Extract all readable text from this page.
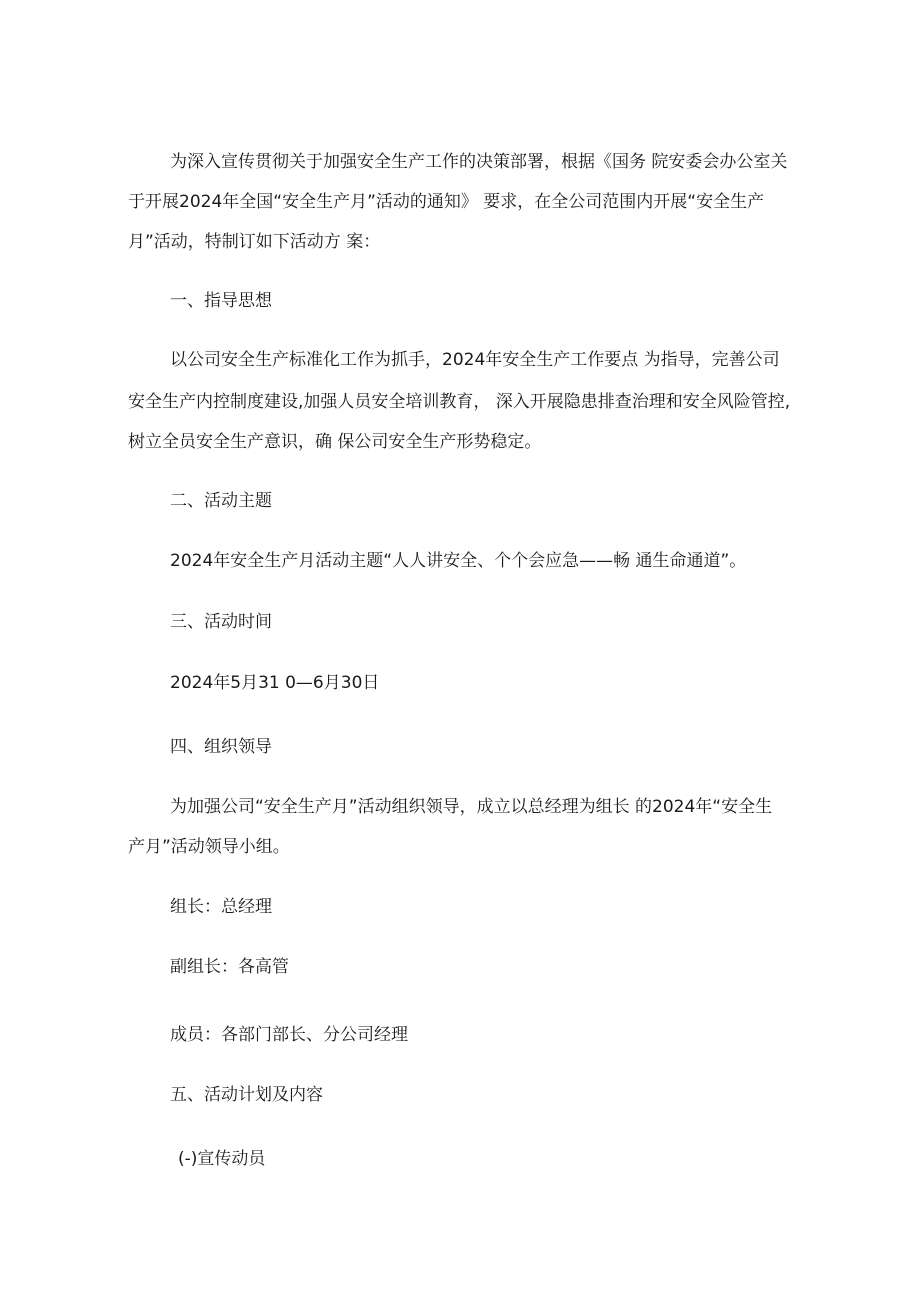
为深入宣传贯彻关于加强安全生产工作的决策部署，根据《国务 院安委会办公室关
于开展2024年全国“安全生产月”活动的通知》 要求，在全公司范围内开展“安全生产
月”活动，特制订如下活动方 案：
一、指导思想
以公司安全生产标准化工作为抓手，2024年安全生产工作要点 为指导，完善公司
安全生产内控制度建设,加强人员安全培训教育， 深入开展隐患排查治理和安全风险管控,
树立全员安全生产意识，确 保公司安全生产形势稳定。
二、活动主题
2024年安全生产月活动主题“人人讲安全、个个会应急——畅 通生命通道”。
三、活动时间
2024年5月31 0—6月30日
四、组织领导
为加强公司“安全生产月”活动组织领导，成立以总经理为组长 的2024年“安全生
产月”活动领导小组。
组长：总经理
副组长：各高管
成员：各部门部长、分公司经理
五、活动计划及内容
(-)宣传动员
